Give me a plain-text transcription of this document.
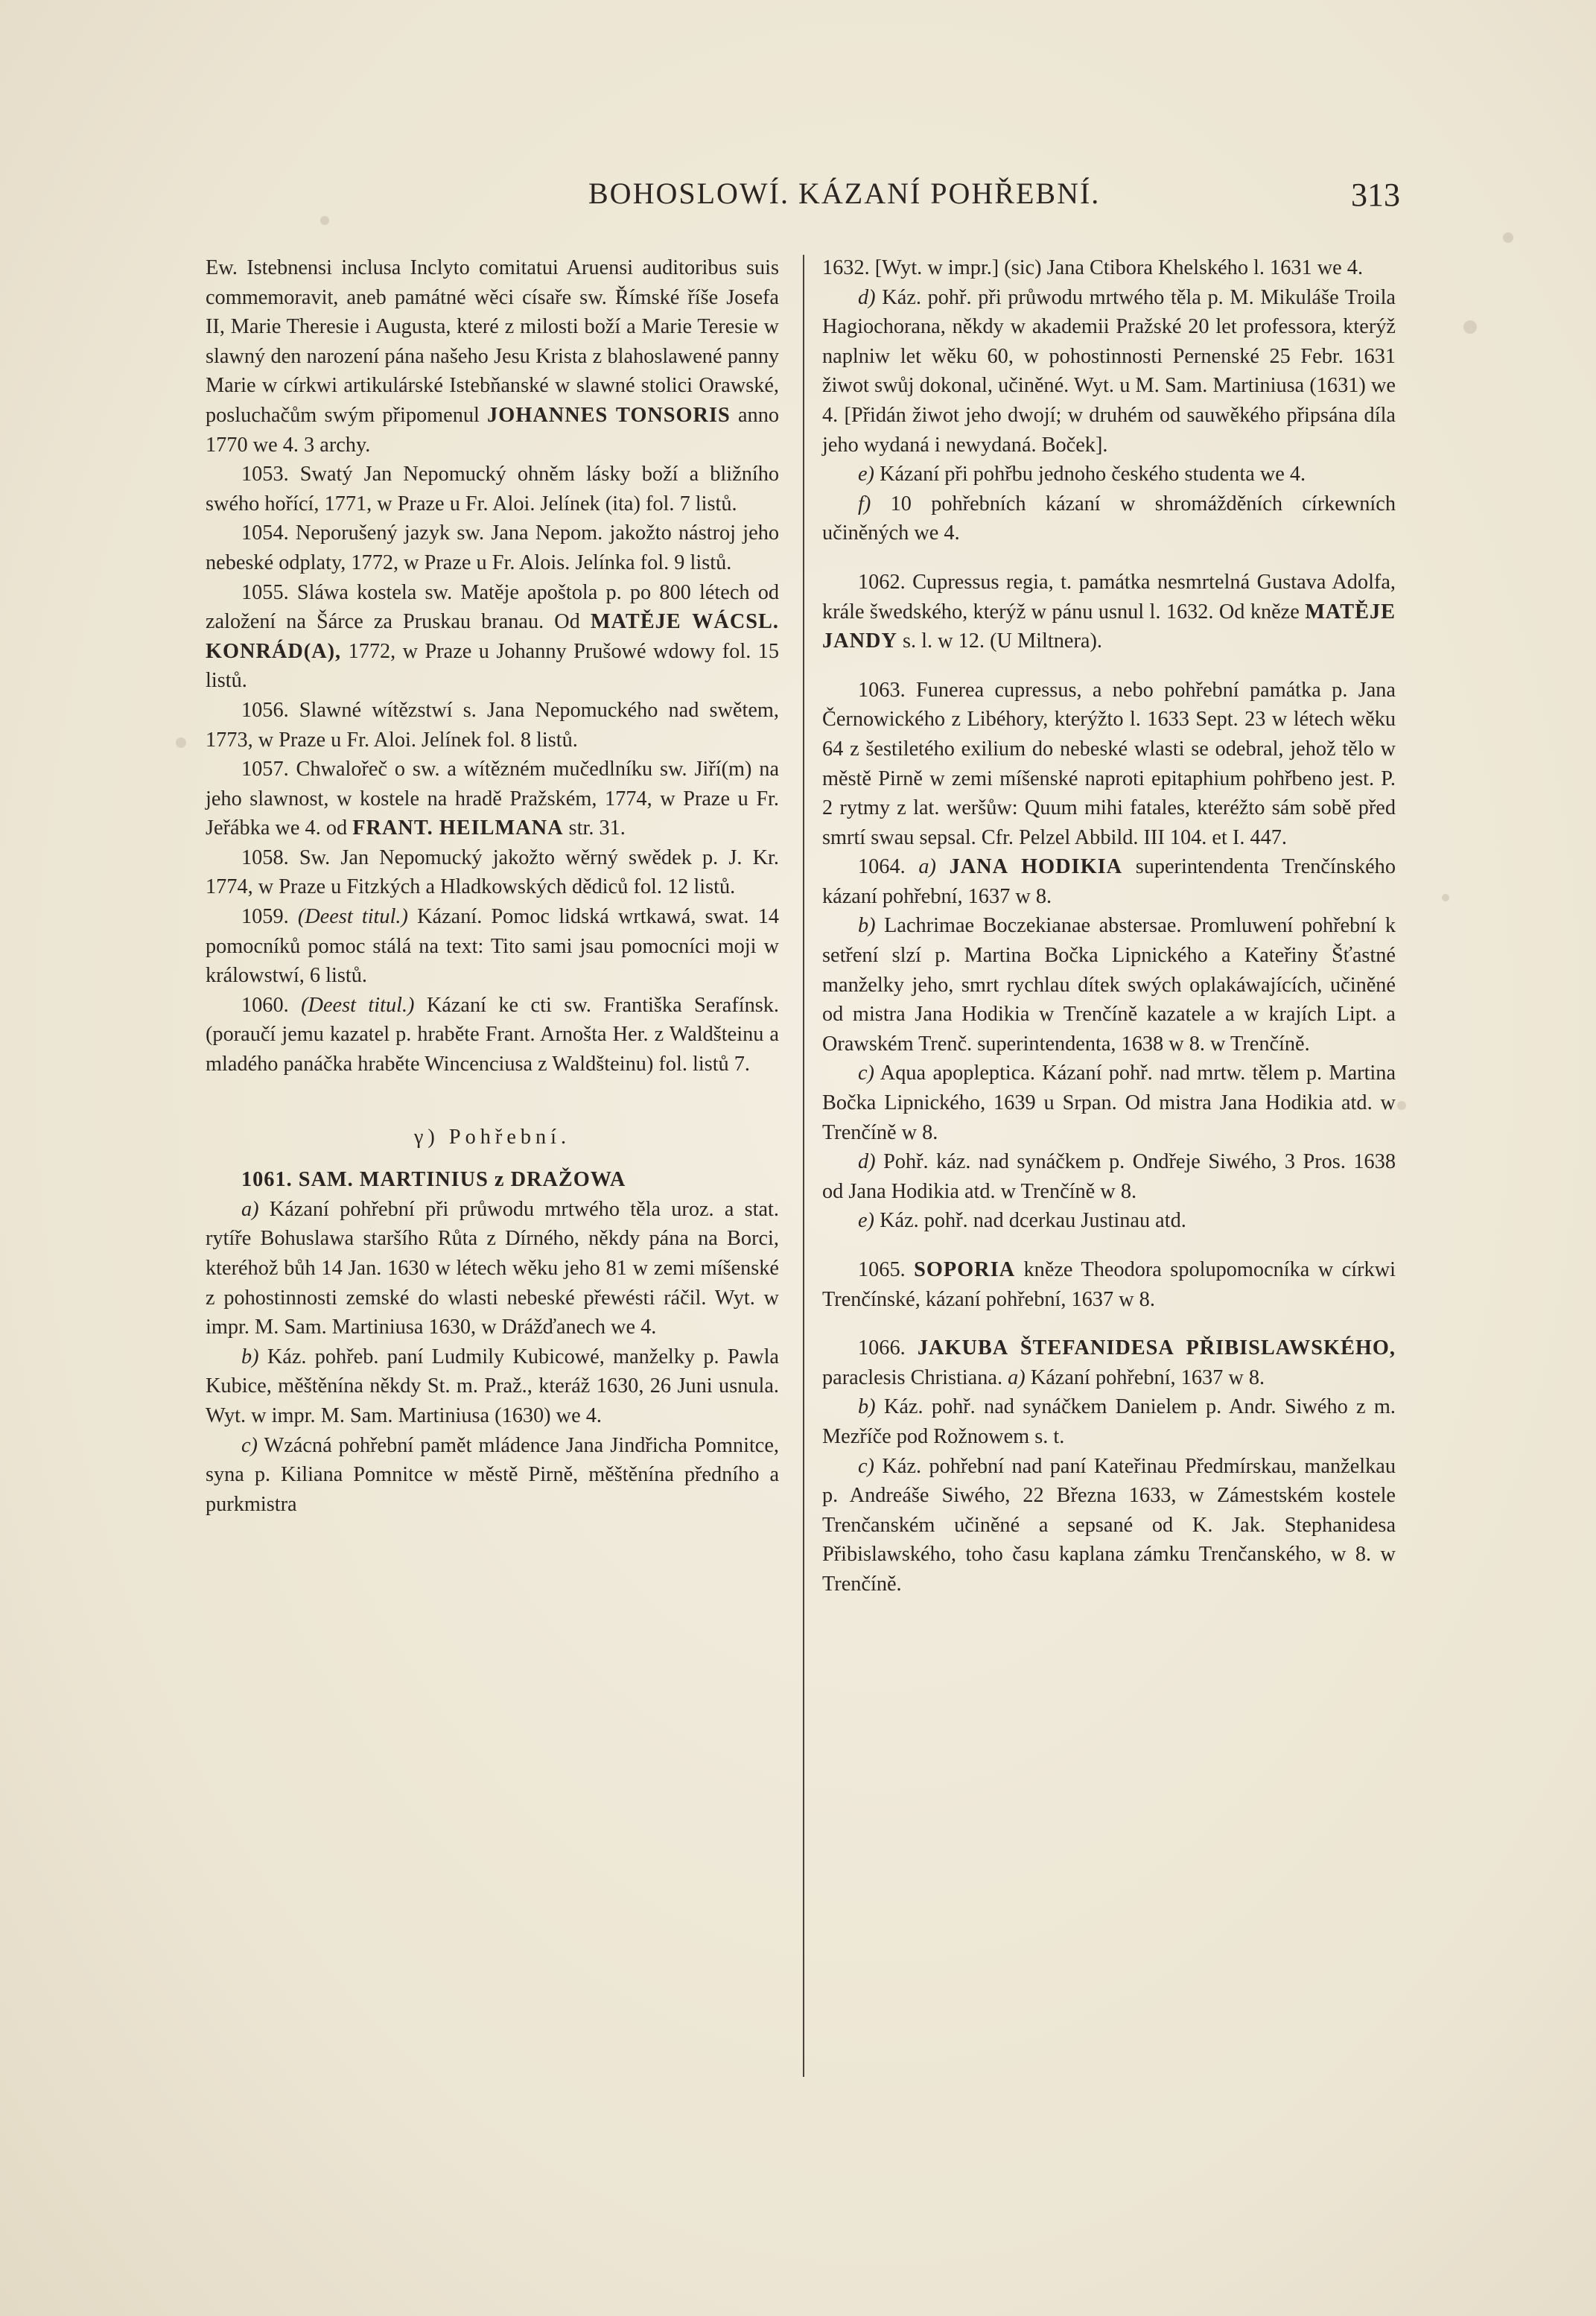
BOHOSLOWÍ. KÁZANÍ POHŘEBNÍ.	313

Ew. Istebnensi inclusa Inclyto comitatui Aruensi auditoribus suis commemoravit, aneb památné wěci císaře sw. Římské říše Josefa II, Marie Theresie i Augusta, které z milosti boží a Marie Teresie w slawný den narození pána našeho Jesu Krista z blahoslawené panny Marie w církwi artikulárské Istebňanské w slawné stolici Orawské, posluchačům swým připomenul JOHANNES TONSORIS anno 1770 we 4. 3 archy.

1053. Swatý Jan Nepomucký ohněm lásky boží a bližního swého hořící, 1771, w Praze u Fr. Aloi. Jelínek (ita) fol. 7 listů.

1054. Neporušený jazyk sw. Jana Nepom. jakožto nástroj jeho nebeské odplaty, 1772, w Praze u Fr. Alois. Jelínka fol. 9 listů.

1055. Sláwa kostela sw. Matěje apoštola p. po 800 létech od založení na Šárce za Pruskau branau. Od MATĚJE WÁCSL. KONRÁD(A), 1772, w Praze u Johanny Prušowé wdowy fol. 15 listů.

1056. Slawné wítězstwí s. Jana Nepomuckého nad swětem, 1773, w Praze u Fr. Aloi. Jelínek fol. 8 listů.

1057. Chwalořeč o sw. a wítězném mučedlníku sw. Jiří(m) na jeho slawnost, w kostele na hradě Pražském, 1774, w Praze u Fr. Jeřábka we 4. od FRANT. HEILMANA str. 31.

1058. Sw. Jan Nepomucký jakožto wěrný swědek p. J. Kr. 1774, w Praze u Fitzkých a Hladkowských dědiců fol. 12 listů.

1059. (Deest titul.) Kázaní. Pomoc lidská wrtkawá, swat. 14 pomocníků pomoc stálá na text: Tito sami jsau pomocníci moji w králowstwí, 6 listů.

1060. (Deest titul.) Kázaní ke cti sw. Františka Serafínsk. (poraučí jemu kazatel p. hraběte Frant. Arnošta Her. z Waldšteinu a mladého panáčka hraběte Wincenciusa z Waldšteinu) fol. listů 7.

γ) Pohřební.

1061. SAM. MARTINIUS z DRAŽOWA

a) Kázaní pohřební při průwodu mrtwého těla uroz. a stat. rytíře Bohuslawa staršího Růta z Dírného, někdy pána na Borci, kteréhož bůh 14 Jan. 1630 w létech wěku jeho 81 w zemi míšenské z pohostinnosti zemské do wlasti nebeské přewésti ráčil. Wyt. w impr. M. Sam. Martiniusa 1630, w Drážďanech we 4.

b) Káz. pohřeb. paní Ludmily Kubicowé, manželky p. Pawla Kubice, měštěnína někdy St. m. Praž., kteráž 1630, 26 Juni usnula. Wyt. w impr. M. Sam. Martiniusa (1630) we 4.

c) Wzácná pohřební pamět mládence Jana Jindřicha Pomnitce, syna p. Kiliana Pomnitce w městě Pirně, měštěnína předního a purkmistra

1632. [Wyt. w impr.] (sic) Jana Ctibora Khelského l. 1631 we 4.

d) Káz. pohř. při průwodu mrtwého těla p. M. Mikuláše Troila Hagiochorana, někdy w akademii Pražské 20 let professora, kterýž naplniw let wěku 60, w pohostinnosti Pernenské 25 Febr. 1631 žiwot swůj dokonal, učiněné. Wyt. u M. Sam. Martiniusa (1631) we 4. [Přidán žiwot jeho dwojí; w druhém od sauwěkého připsána díla jeho wydaná i newydaná. Boček].

e) Kázaní při pohřbu jednoho českého studenta we 4.

f) 10 pohřebních kázaní w shromážděních církewních učiněných we 4.

1062. Cupressus regia, t. památka nesmrtelná Gustava Adolfa, krále šwedského, kterýž w pánu usnul l. 1632. Od kněze MATĚJE JANDY s. l. w 12. (U Miltnera).

1063. Funerea cupressus, a nebo pohřební památka p. Jana Černowického z Libéhory, kterýžto l. 1633 Sept. 23 w létech wěku 64 z šestiletého exilium do nebeské wlasti se odebral, jehož tělo w městě Pirně w zemi míšenské naproti epitaphium pohřbeno jest. P. 2 rytmy z lat. weršůw: Quum mihi fatales, kteréžto sám sobě před smrtí swau sepsal. Cfr. Pelzel Abbild. III 104. et I. 447.

1064. a) JANA HODIKIA superintendenta Trenčínského kázaní pohřební, 1637 w 8.

b) Lachrimae Boczekianae abstersae. Promluwení pohřební k setření slzí p. Martina Bočka Lipnického a Kateřiny Šťastné manželky jeho, smrt rychlau dítek swých oplakáwajících, učiněné od mistra Jana Hodikia w Trenčíně kazatele a w krajích Lipt. a Orawském Trenč. superintendenta, 1638 w 8. w Trenčíně.

c) Aqua apopleptica. Kázaní pohř. nad mrtw. tělem p. Martina Bočka Lipnického, 1639 u Srpan. Od mistra Jana Hodikia atd. w Trenčíně w 8.

d) Pohř. káz. nad synáčkem p. Ondřeje Siwého, 3 Pros. 1638 od Jana Hodikia atd. w Trenčíně w 8.

e) Káz. pohř. nad dcerkau Justinau atd.

1065. SOPORIA kněze Theodora spolupomocníka w církwi Trenčínské, kázaní pohřební, 1637 w 8.

1066. JAKUBA ŠTEFANIDESA PŘIBISLAWSKÉHO, paraclesis Christiana. a) Kázaní pohřební, 1637 w 8.

b) Káz. pohř. nad synáčkem Danielem p. Andr. Siwého z m. Mezříče pod Rožnowem s. t.

c) Káz. pohřební nad paní Kateřinau Předmírskau, manželkau p. Andreáše Siwého, 22 Března 1633, w Zámestském kostele Trenčanském učiněné a sepsané od K. Jak. Stephanidesa Přibislawského, toho času kaplana zámku Trenčanského, w 8. w Trenčíně.
